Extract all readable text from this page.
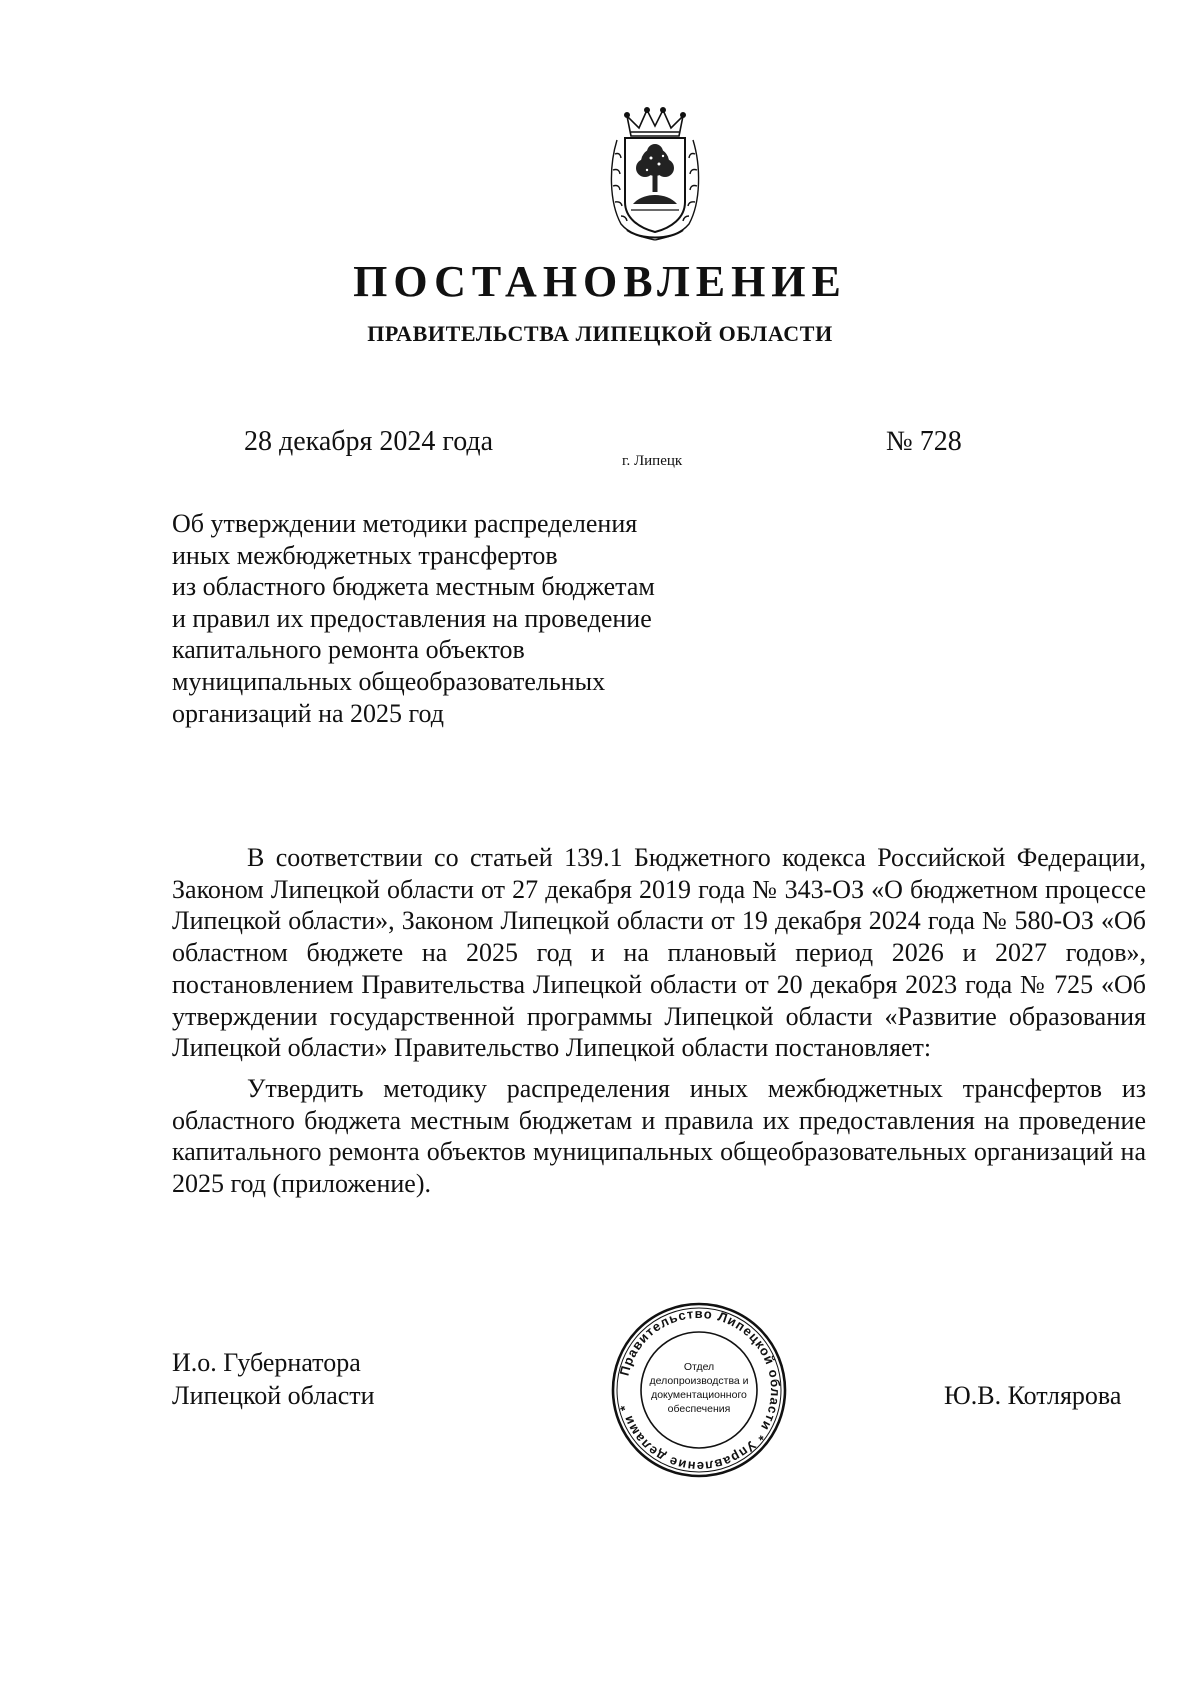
ПОСТАНОВЛЕНИЕ
ПРАВИТЕЛЬСТВА ЛИПЕЦКОЙ ОБЛАСТИ
28 декабря 2024 года
г. Липецк
№ 728
Об утверждении методики распределения
иных межбюджетных трансфертов
из областного бюджета местным бюджетам
и правил их предоставления на проведение
капитального ремонта объектов
муниципальных общеобразовательных
организаций на 2025 год

В соответствии со статьей 139.1 Бюджетного кодекса Российской Федерации, Законом Липецкой области от 27 декабря 2019 года № 343-ОЗ «О бюджетном процессе Липецкой области», Законом Липецкой области от 19 декабря 2024 года № 580-ОЗ «Об областном бюджете на 2025 год и на плановый период 2026 и 2027 годов», постановлением Правительства Липецкой области от 20 декабря 2023 года № 725 «Об утверждении государственной программы Липецкой области «Развитие образования Липецкой области» Правительство Липецкой области постановляет:

Утвердить методику распределения иных межбюджетных трансфертов из областного бюджета местным бюджетам и правила их предоставления на проведение капитального ремонта объектов муниципальных общеобразовательных организаций на 2025 год (приложение).

И.о. Губернатора
Липецкой области
Правительство Липецкой области * Управление делами *
Отдел
делопроизводства и
документационного
обеспечения	Ю.В. Котлярова
